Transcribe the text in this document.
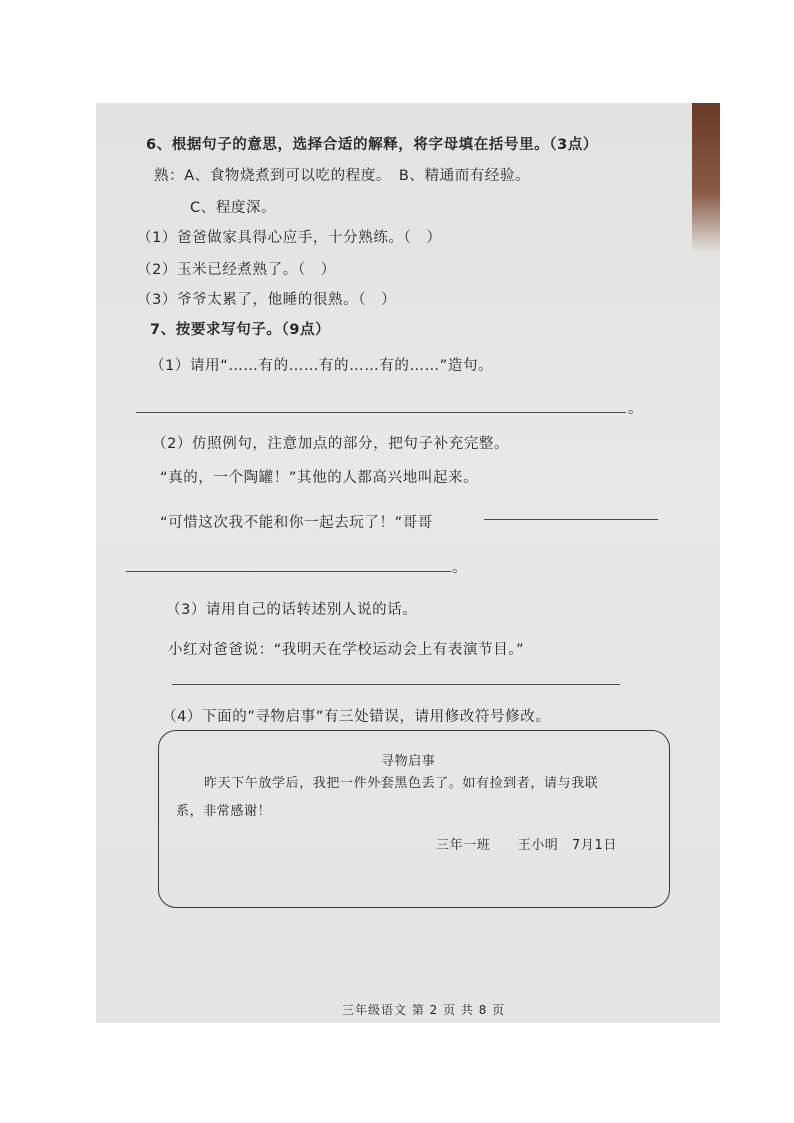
6、根据句子的意思，选择合适的解释，将字母填在括号里。（3点）
熟：A、食物烧煮到可以吃的程度。　B、精通而有经验。
C、程度深。
（1）爸爸做家具得心应手，十分熟练。（　）
（2）玉米已经煮熟了。（　）
（3）爷爷太累了，他睡的很熟。（　）
7、按要求写句子。（9点）
（1）请用“……有的……有的……有的……”造句。
。
（2）仿照例句，注意加点的部分，把句子补充完整。
“真的，一个陶罐！”其他的人都高兴地叫起来。
“可惜这次我不能和你一起去玩了！”哥哥
。
（3）请用自己的话转述别人说的话。
小红对爸爸说：“我明天在学校运动会上有表演节目。”
（4）下面的”寻物启事”有三处错误，请用修改符号修改。
寻物启事
昨天下午放学后，我把一件外套黑色丢了。如有捡到者，请与我联
系，非常感谢！
三年一班　　王小明　7月1日
三年级语文 第 2 页 共 8 页
